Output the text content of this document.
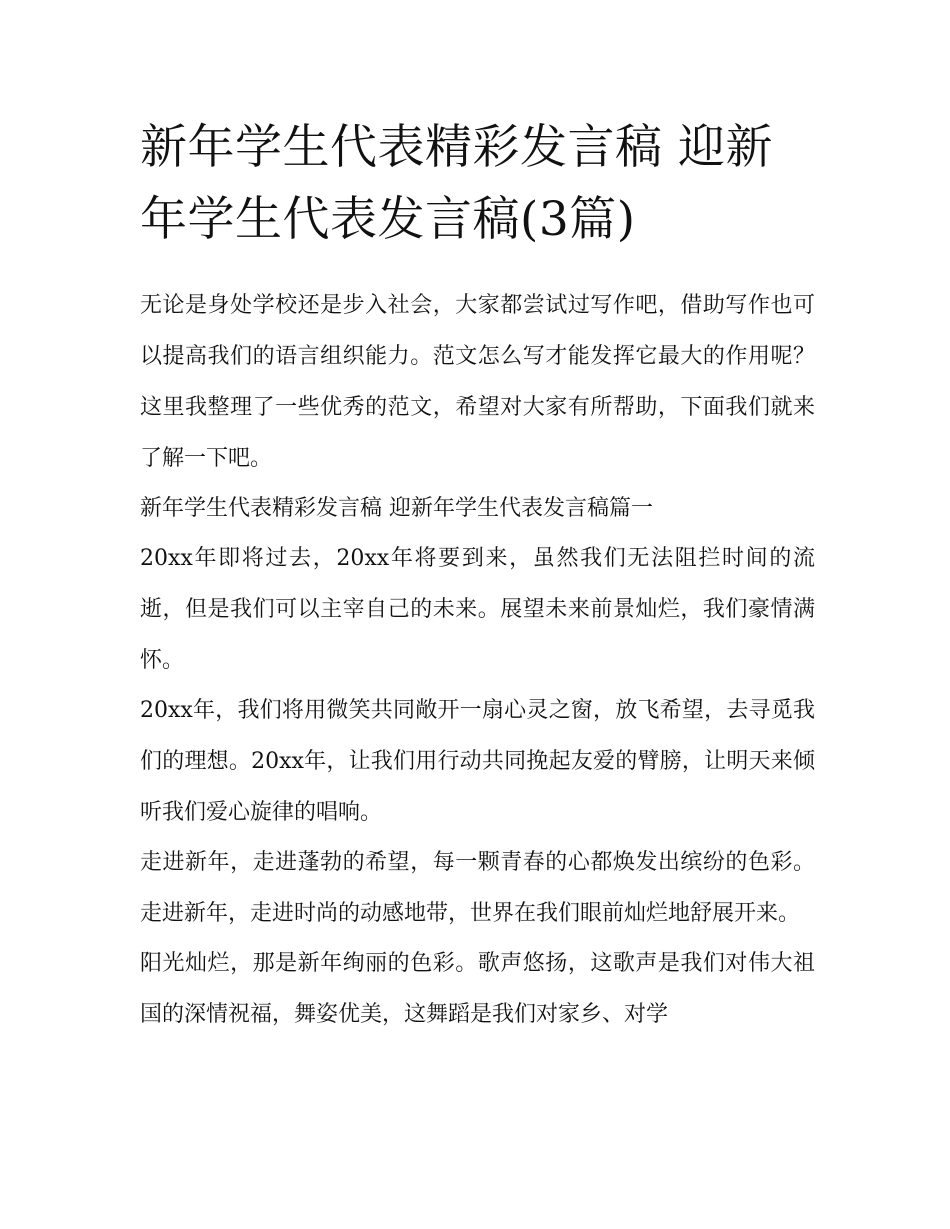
新年学生代表精彩发言稿 迎新年学生代表发言稿(3篇)

无论是身处学校还是步入社会，大家都尝试过写作吧，借助写作也可以提高我们的语言组织能力。范文怎么写才能发挥它最大的作用呢？这里我整理了一些优秀的范文，希望对大家有所帮助，下面我们就来了解一下吧。

新年学生代表精彩发言稿 迎新年学生代表发言稿篇一

20xx年即将过去，20xx年将要到来，虽然我们无法阻拦时间的流逝，但是我们可以主宰自己的未来。展望未来前景灿烂，我们豪情满怀。

20xx年，我们将用微笑共同敞开一扇心灵之窗，放飞希望，去寻觅我们的理想。20xx年，让我们用行动共同挽起友爱的臂膀，让明天来倾听我们爱心旋律的唱响。

走进新年，走进蓬勃的希望，每一颗青春的心都焕发出缤纷的色彩。走进新年，走进时尚的动感地带，世界在我们眼前灿烂地舒展开来。

阳光灿烂，那是新年绚丽的色彩。歌声悠扬，这歌声是我们对伟大祖国的深情祝福，舞姿优美，这舞蹈是我们对家乡、对学
